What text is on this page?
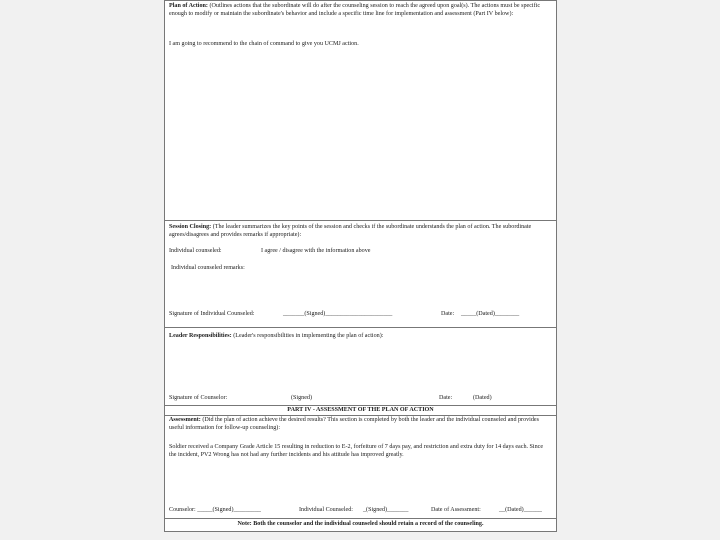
Plan of Action: (Outlines actions that the subordinate will do after the counseling session to reach the agreed upon goal(s). The actions must be specific enough to modify or maintain the subordinate's behavior and include a specific time line for implementation and assessment (Part IV below):
I am going to recommend to the chain of command to give you UCMJ action.
Session Closing: (The leader summarizes the key points of the session and checks if the subordinate understands the plan of action. The subordinate agrees/disagrees and provides remarks if appropriate):
Individual counseled:	I agree / disagree with the information above
Individual counseled remarks:
Signature of Individual Counseled:	_______(Signed)______________________	Date: _____(Dated)________
Leader Responsibilities: (Leader's responsibilities in implementing the plan of action):
Signature of Counselor:	(Signed)	Date:	(Dated)
PART IV - ASSESSMENT OF THE PLAN OF ACTION
Assessment: (Did the plan of action achieve the desired results? This section is completed by both the leader and the individual counseled and provides useful information for follow-up counseling):
Soldier received a Company Grade Article 15 resulting in reduction to E-2, forfeiture of 7 days pay, and restriction and extra duty for 14 days each. Since the incident, PV2 Wrong has not had any further incidents and his attitude has improved greatly.
Counselor: _____(Signed)_________	Individual Counseled: _(Signed)_______	Date of Assessment:	__(Dated)______
Note: Both the counselor and the individual counseled should retain a record of the counseling.
